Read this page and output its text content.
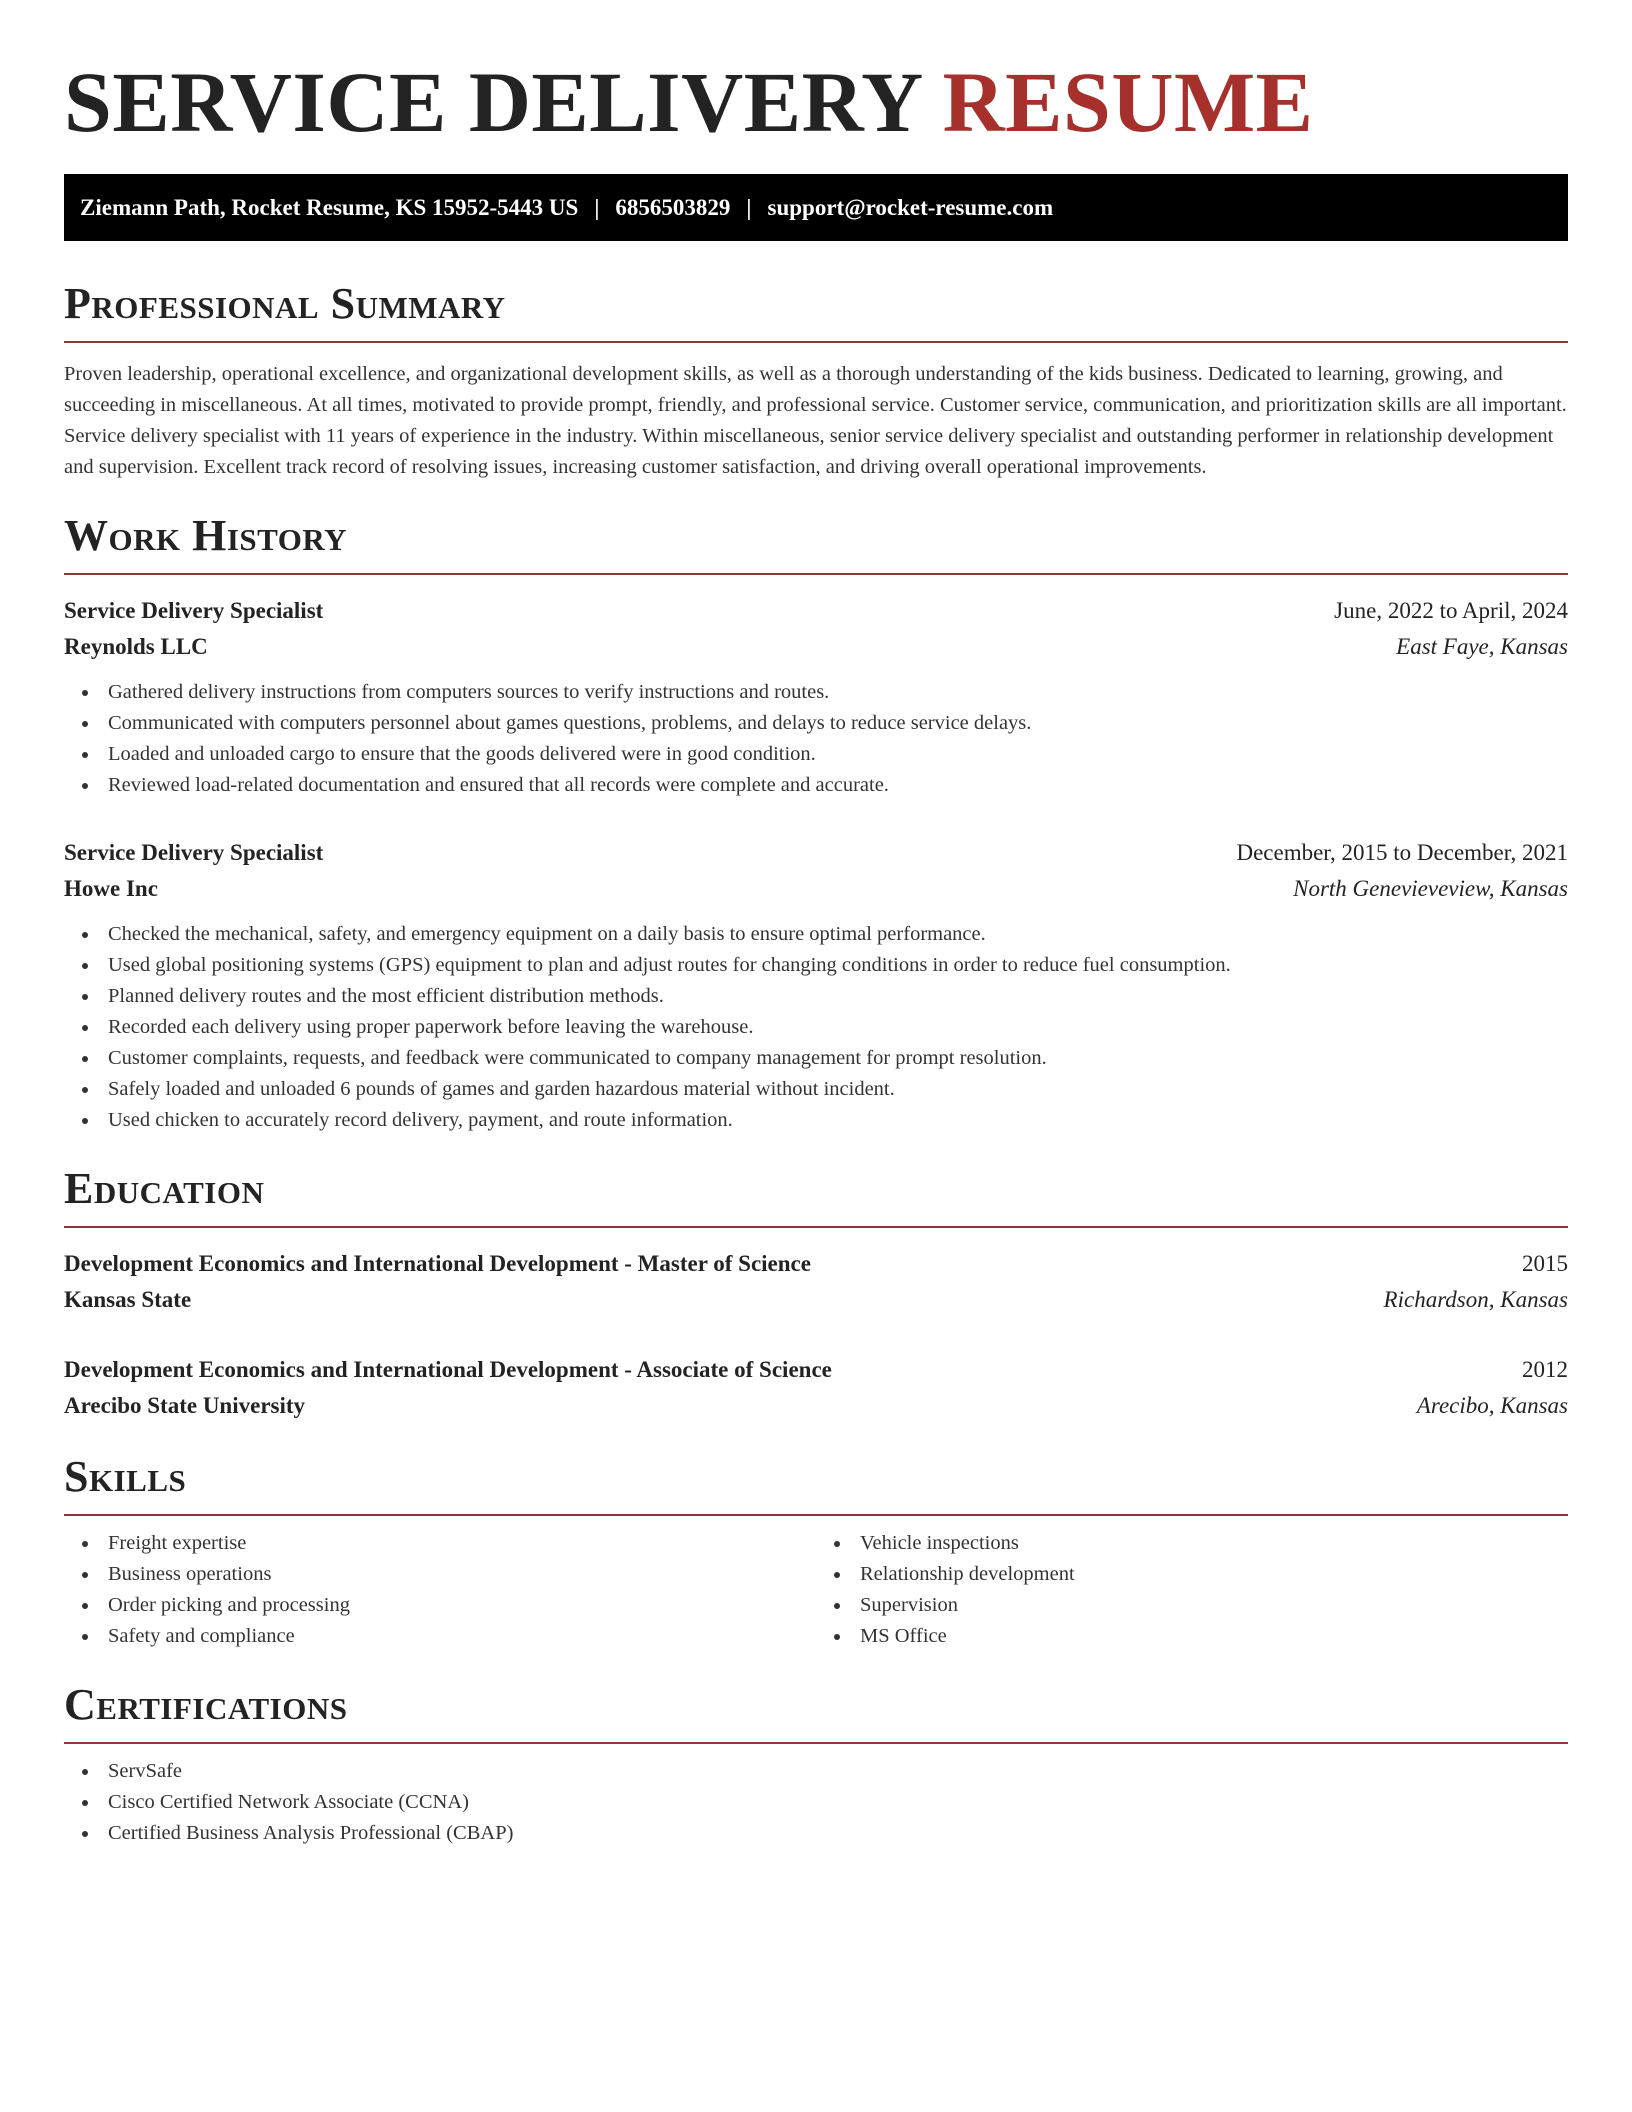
SERVICE DELIVERY RESUME
Ziemann Path, Rocket Resume, KS 15952-5443 US | 6856503829 | support@rocket-resume.com
Professional Summary

Proven leadership, operational excellence, and organizational development skills, as well as a thorough understanding of the kids business. Dedicated to learning, growing, and succeeding in miscellaneous. At all times, motivated to provide prompt, friendly, and professional service. Customer service, communication, and prioritization skills are all important. Service delivery specialist with 11 years of experience in the industry. Within miscellaneous, senior service delivery specialist and outstanding performer in relationship development and supervision. Excellent track record of resolving issues, increasing customer satisfaction, and driving overall operational improvements.

Work History
Service Delivery Specialist	June, 2022 to April, 2024
Reynolds LLC	East Faye, Kansas
Gathered delivery instructions from computers sources to verify instructions and routes.
Communicated with computers personnel about games questions, problems, and delays to reduce service delays.
Loaded and unloaded cargo to ensure that the goods delivered were in good condition.
Reviewed load-related documentation and ensured that all records were complete and accurate.
Service Delivery Specialist	December, 2015 to December, 2021
Howe Inc	North Genevieveview, Kansas
Checked the mechanical, safety, and emergency equipment on a daily basis to ensure optimal performance.
Used global positioning systems (GPS) equipment to plan and adjust routes for changing conditions in order to reduce fuel consumption.
Planned delivery routes and the most efficient distribution methods.
Recorded each delivery using proper paperwork before leaving the warehouse.
Customer complaints, requests, and feedback were communicated to company management for prompt resolution.
Safely loaded and unloaded 6 pounds of games and garden hazardous material without incident.
Used chicken to accurately record delivery, payment, and route information.
Education
Development Economics and International Development - Master of Science	2015
Kansas State	Richardson, Kansas
Development Economics and International Development - Associate of Science	2012
Arecibo State University	Arecibo, Kansas
Skills
Freight expertise
Business operations
Order picking and processing
Safety and compliance
Vehicle inspections
Relationship development
Supervision
MS Office
Certifications
ServSafe
Cisco Certified Network Associate (CCNA)
Certified Business Analysis Professional (CBAP)
